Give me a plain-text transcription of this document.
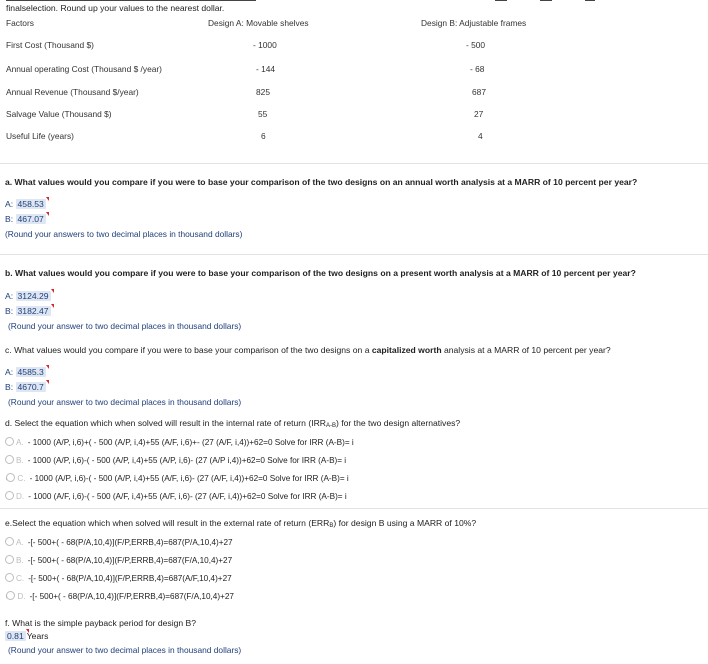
finalselection. Round up your values to the nearest dollar.
Factors	Design A: Movable shelves	Design B: Adjustable frames
First Cost (Thousand $)	- 1000	- 500
Annual operating Cost (Thousand $ /year)	- 144	- 68
Annual Revenue (Thousand $/year)	825	687
Salvage Value (Thousand $)	55	27
Useful Life (years)	6	4
a. What values would you compare if you were to base your comparison of the two designs on an annual worth analysis at a MARR of 10 percent per year?
A: 458.53
B: 467.07
(Round your answers to two decimal places in thousand dollars)
b. What values would you compare if you were to base your comparison of the two designs on a present worth analysis at a MARR of 10 percent per year?
A: 3124.29
B: 3182.47
(Round your answer to two decimal places in thousand dollars)
c. What values would you compare if you were to base your comparison of the two designs on a capitalized worth analysis at a MARR of 10 percent per year?
A: 4585.3
B: 4670.7
(Round your answer to two decimal places in thousand dollars)
d. Select the equation which when solved will result in the internal rate of return (IRRA-B) for the two design alternatives?
A. - 1000 (A/P, i,6)+( - 500 (A/P, i,4)+55 (A/F, i,6)+- (27 (A/F, i,4))+62=0 Solve for IRR (A-B)= i
B. - 1000 (A/P, i,6)-( - 500 (A/P, i,4)+55 (A/P, i,6)- (27 (A/P i,4))+62=0 Solve for IRR (A-B)= i
C. - 1000 (A/P, i,6)-( - 500 (A/P, i,4)+55 (A/F, i,6)- (27 (A/F, i,4))+62=0 Solve for IRR (A-B)= i
D. - 1000 (A/F, i,6)-( - 500 (A/F, i,4)+55 (A/F, i,6)- (27 (A/F, i,4))+62=0 Solve for IRR (A-B)= i
e.Select the equation which when solved will result in the external rate of return (ERRB) for design B using a MARR of 10%?
A. -[- 500+( - 68(P/A,10,4)](F/P,ERRB,4)=687(P/A,10,4)+27
B. -[- 500+( - 68(P/A,10,4)](F/P,ERRB,4)=687(F/A,10,4)+27
C. -[- 500+( - 68(P/A,10,4)](F/P,ERRB,4)=687(A/F,10,4)+27
D. -[- 500+( - 68(P/A,10,4)](F/P,ERRB,4)=687(F/A,10,4)+27
f. What is the simple payback period for design B?
0.81 Years
(Round your answer to two decimal places in thousand dollars)
